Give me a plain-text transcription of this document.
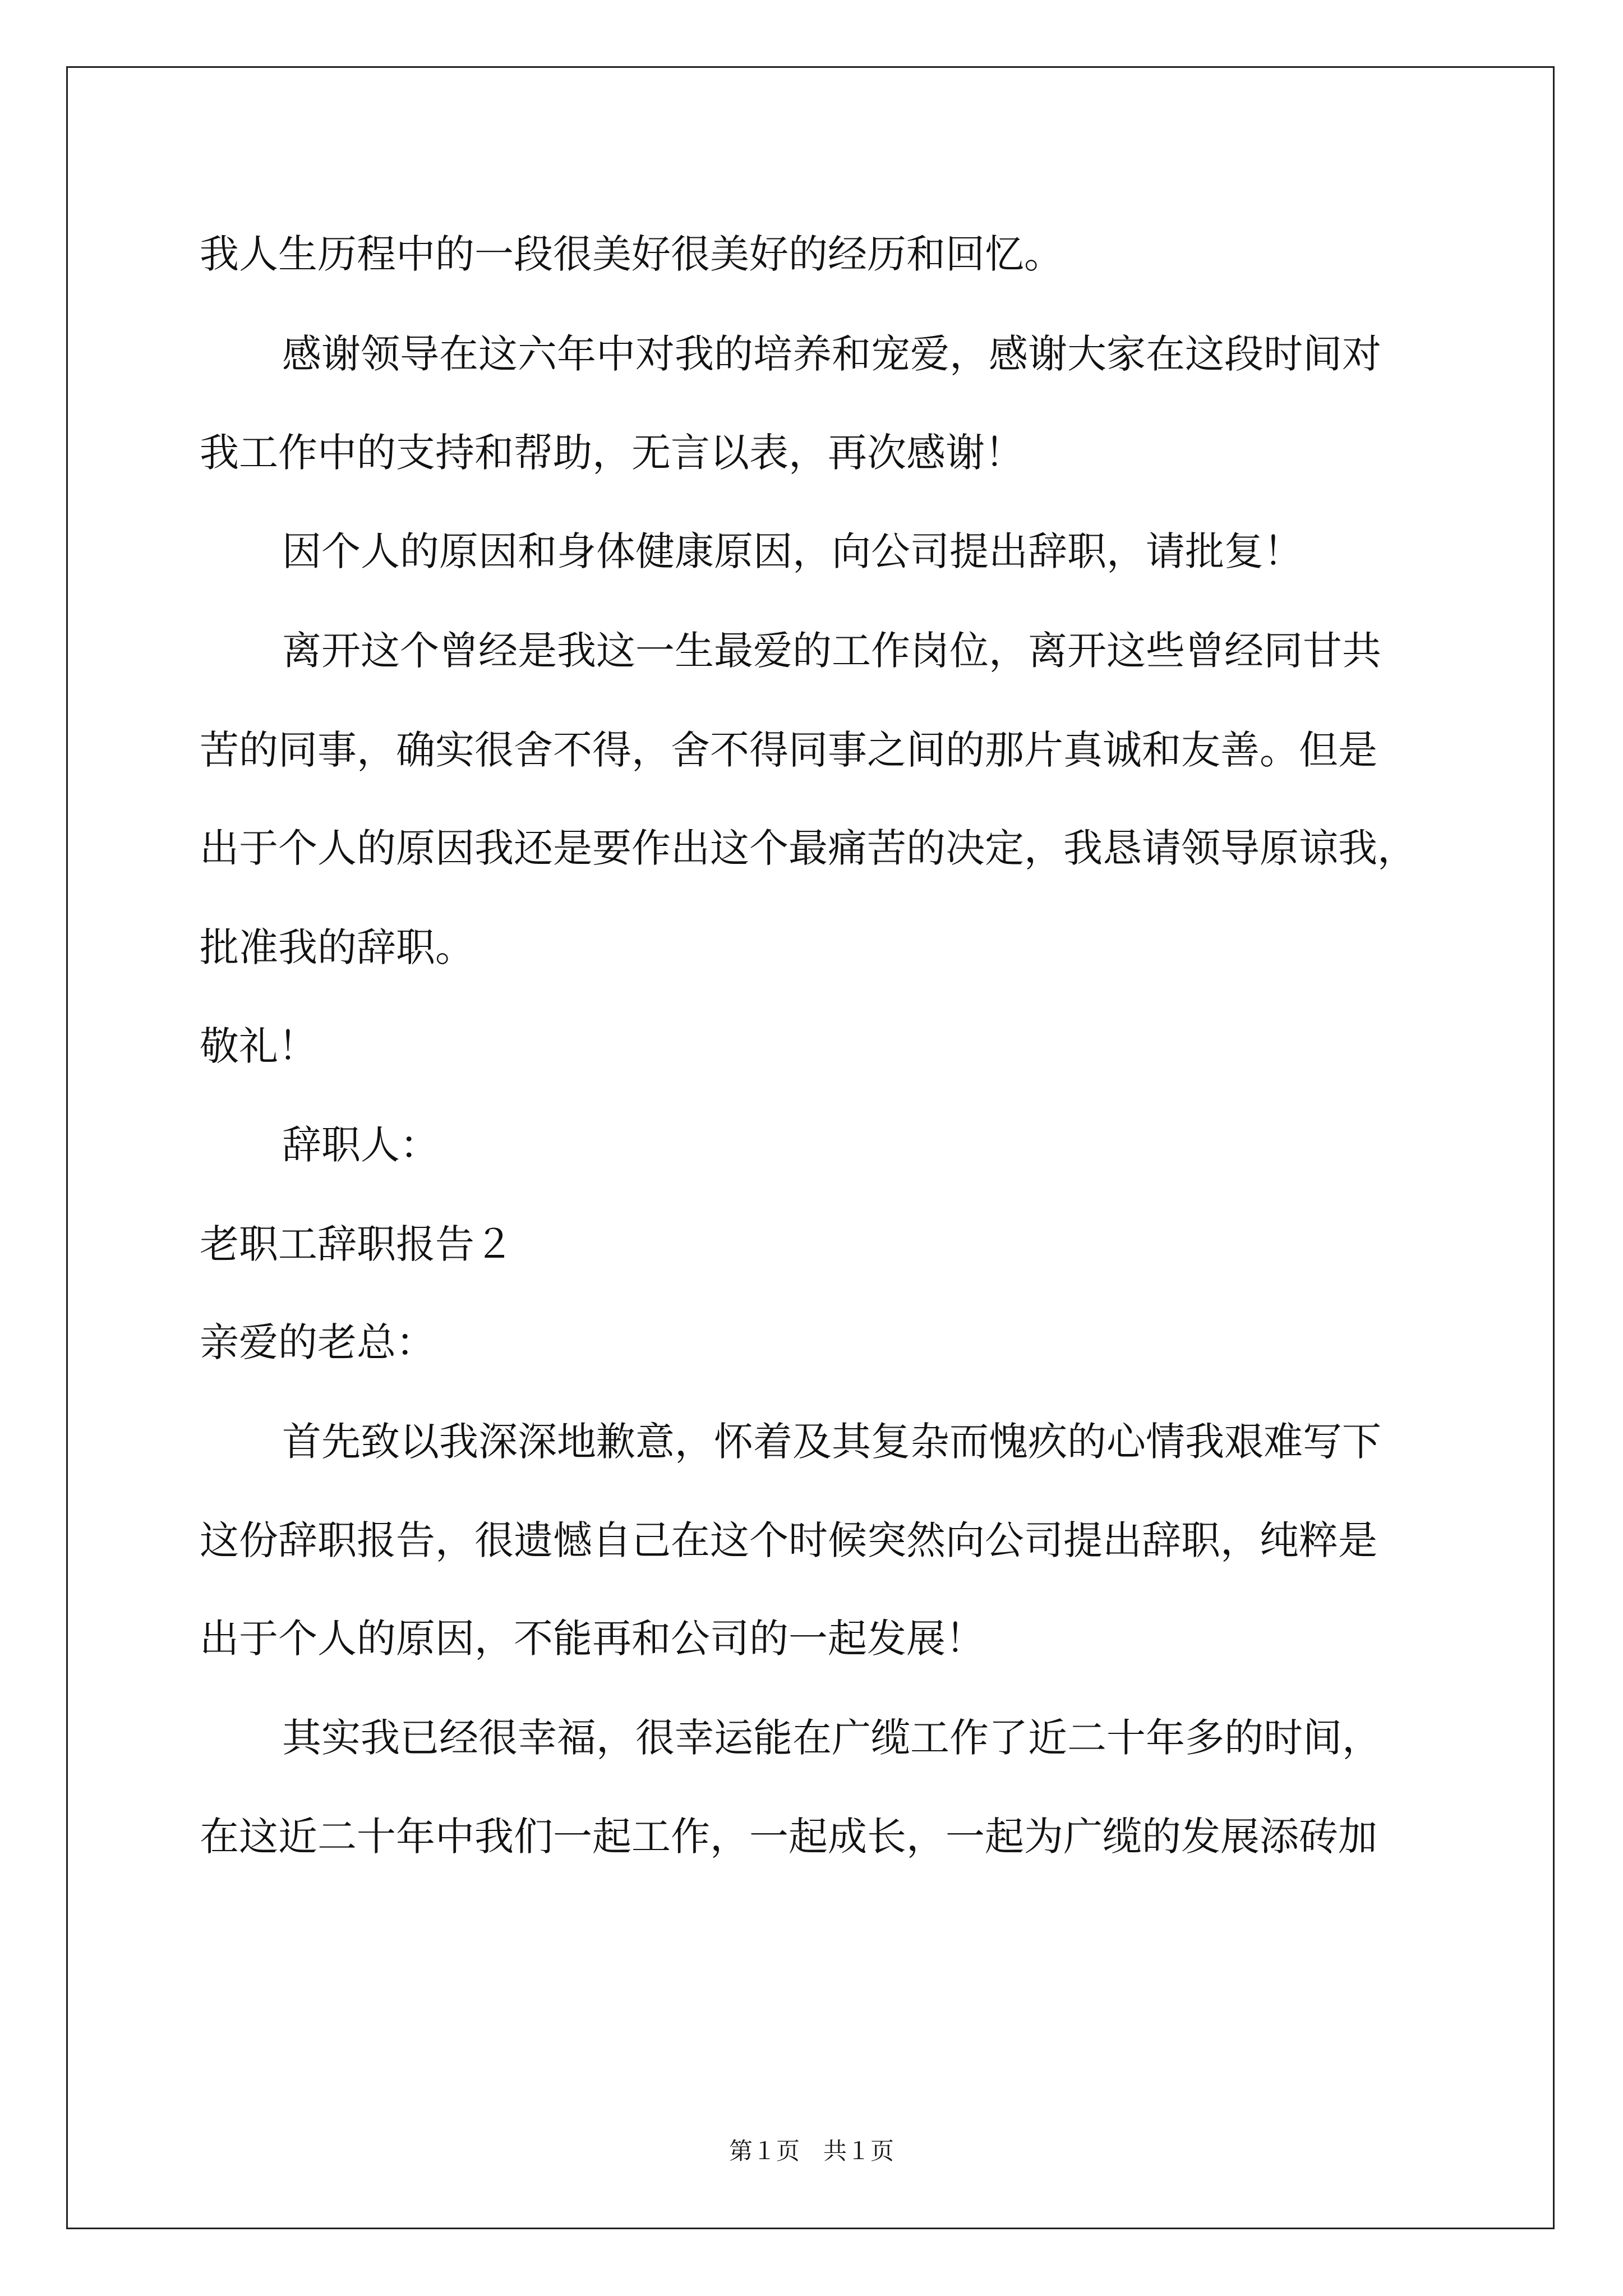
我人生历程中的一段很美好很美好的经历和回忆。
感谢领导在这六年中对我的培养和宠爱，感谢大家在这段时间对
我工作中的支持和帮助，无言以表，再次感谢！
因个人的原因和身体健康原因，向公司提出辞职，请批复！
离开这个曾经是我这一生最爱的工作岗位，离开这些曾经同甘共
苦的同事，确实很舍不得，舍不得同事之间的那片真诚和友善。但是
出于个人的原因我还是要作出这个最痛苦的决定，我恳请领导原谅我，
批准我的辞职。
敬礼！
辞职人：
老职工辞职报告２
亲爱的老总：
首先致以我深深地歉意，怀着及其复杂而愧疚的心情我艰难写下
这份辞职报告，很遗憾自己在这个时候突然向公司提出辞职，纯粹是
出于个人的原因，不能再和公司的一起发展！
其实我已经很幸福，很幸运能在广缆工作了近二十年多的时间，
在这近二十年中我们一起工作，一起成长，一起为广缆的发展添砖加
第１页　共１页
